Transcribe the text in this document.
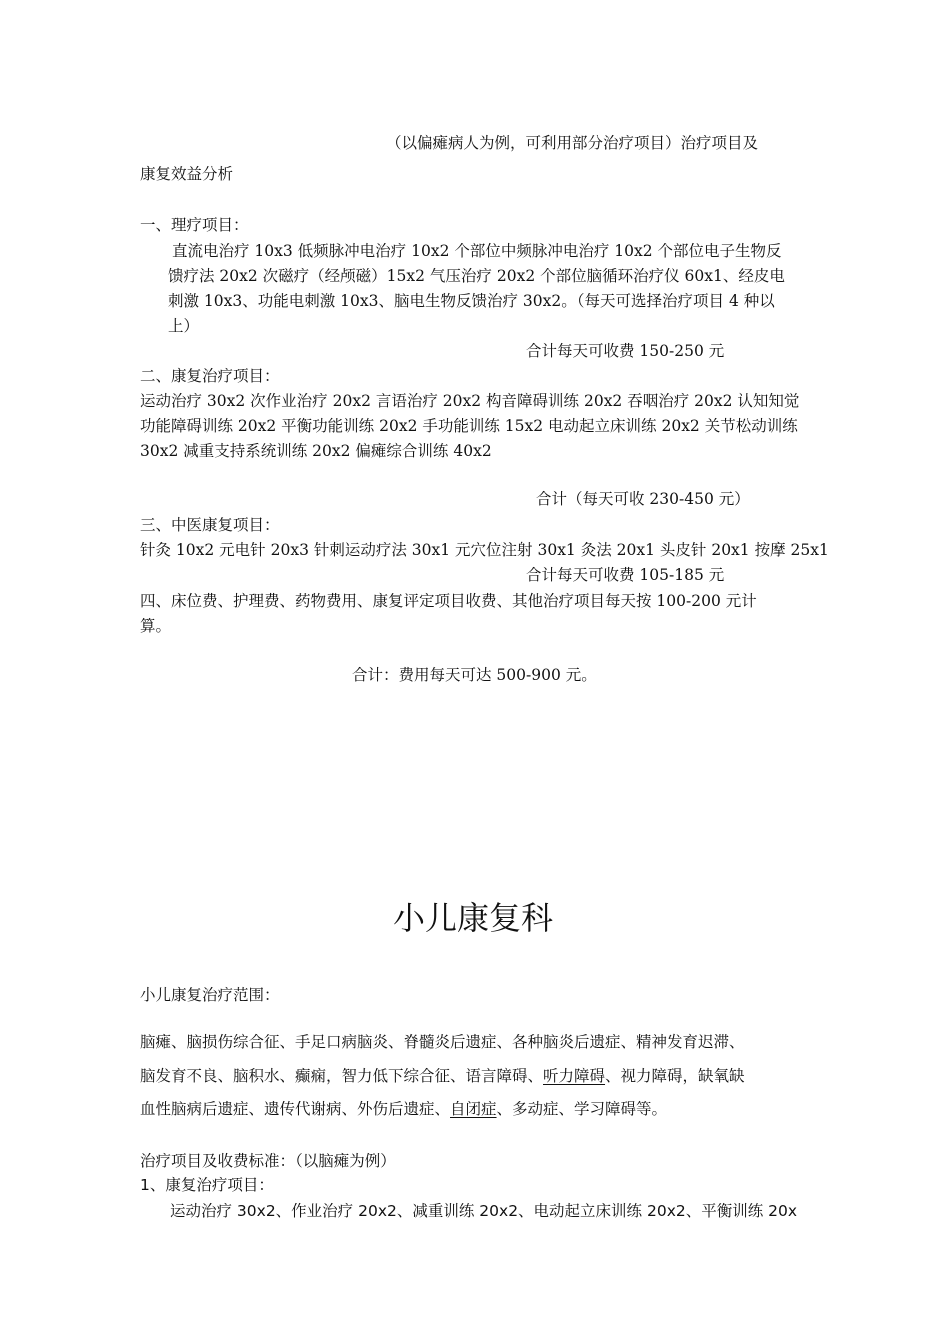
（以偏瘫病人为例，可利用部分治疗项目）治疗项目及
康复效益分析
一、理疗项目：
直流电治疗 10x3 低频脉冲电治疗 10x2 个部位中频脉冲电治疗 10x2 个部位电子生物反
馈疗法 20x2 次磁疗（经颅磁）15x2 气压治疗 20x2 个部位脑循环治疗仪 60x1、经皮电
刺激 10x3、功能电刺激 10x3、脑电生物反馈治疗 30x2。（每天可选择治疗项目 4 种以
上）
合计每天可收费 150-250 元
二、康复治疗项目：
运动治疗 30x2 次作业治疗 20x2 言语治疗 20x2 构音障碍训练 20x2 吞咽治疗 20x2 认知知觉
功能障碍训练 20x2 平衡功能训练 20x2 手功能训练 15x2 电动起立床训练 20x2 关节松动训练
30x2 减重支持系统训练 20x2 偏瘫综合训练 40x2
合计（每天可收 230-450 元）
三、中医康复项目：
针灸 10x2 元电针 20x3 针刺运动疗法 30x1 元穴位注射 30x1 灸法 20x1 头皮针 20x1 按摩 25x1
合计每天可收费 105-185 元
四、床位费、护理费、药物费用、康复评定项目收费、其他治疗项目每天按 100-200 元计
算。
合计：费用每天可达 500-900 元。
小儿康复科
小儿康复治疗范围：
脑瘫、脑损伤综合征、手足口病脑炎、脊髓炎后遗症、各种脑炎后遗症、精神发育迟滞、
脑发育不良、脑积水、癫痫，智力低下综合征、语言障碍、听力障碍、视力障碍，缺氧缺
血性脑病后遗症、遗传代谢病、外伤后遗症、自闭症、多动症、学习障碍等。
治疗项目及收费标准：（以脑瘫为例）
1、康复治疗项目：
运动治疗 30x2、作业治疗 20x2、减重训练 20x2、电动起立床训练 20x2、平衡训练 20x
